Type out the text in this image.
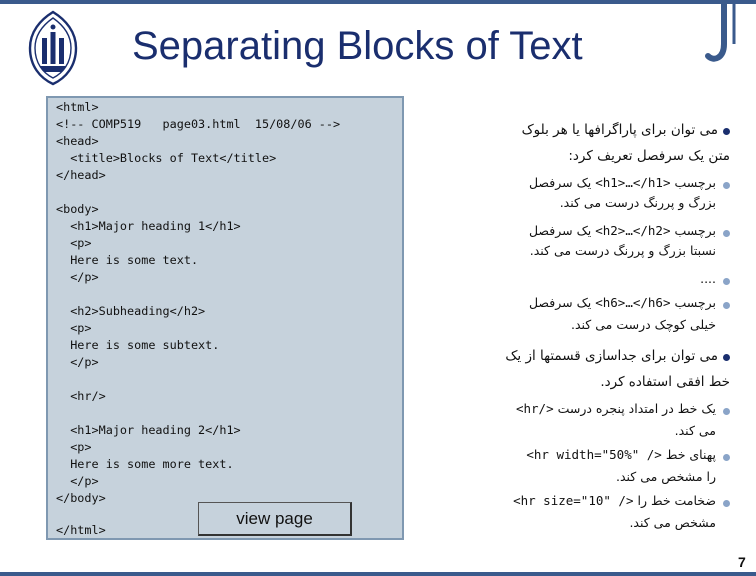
Separating Blocks of Text
<html>
<!-- COMP519   page03.html  15/08/06 -->
<head>
<title>Blocks of Text</title>
</head>
<body>
<h1>Major heading 1</h1>
<p>
Here is some text.
</p>
<h2>Subheading</h2>
<p>
Here is some subtext.
</p>
<hr/>
<h1>Major heading 2</h1>
<p>
Here is some more text.
</p>
</body>
</html>
view page
می توان برای پاراگرافها یا هر بلوک
متن یک سرفصل تعریف کرد:
برچسب <h1>…</h1> یک سرفصل
بزرگ و پررنگ درست می کند.
برچسب <h2>…</h2> یک سرفصل
نسبتا بزرگ و پررنگ درست می کند.
....
برچسب <h6>…</h6> یک سرفصل
خیلی کوچک درست می کند.
می توان برای جداسازی قسمتها از یک
خط افقی استفاده کرد.
یک خط در امتداد پنجره درست <hr/>
می کند.
پهنای خط <hr width="50%" />
را مشخص می کند.
ضخامت خط را <hr size="10" />
مشخص می کند.
7
